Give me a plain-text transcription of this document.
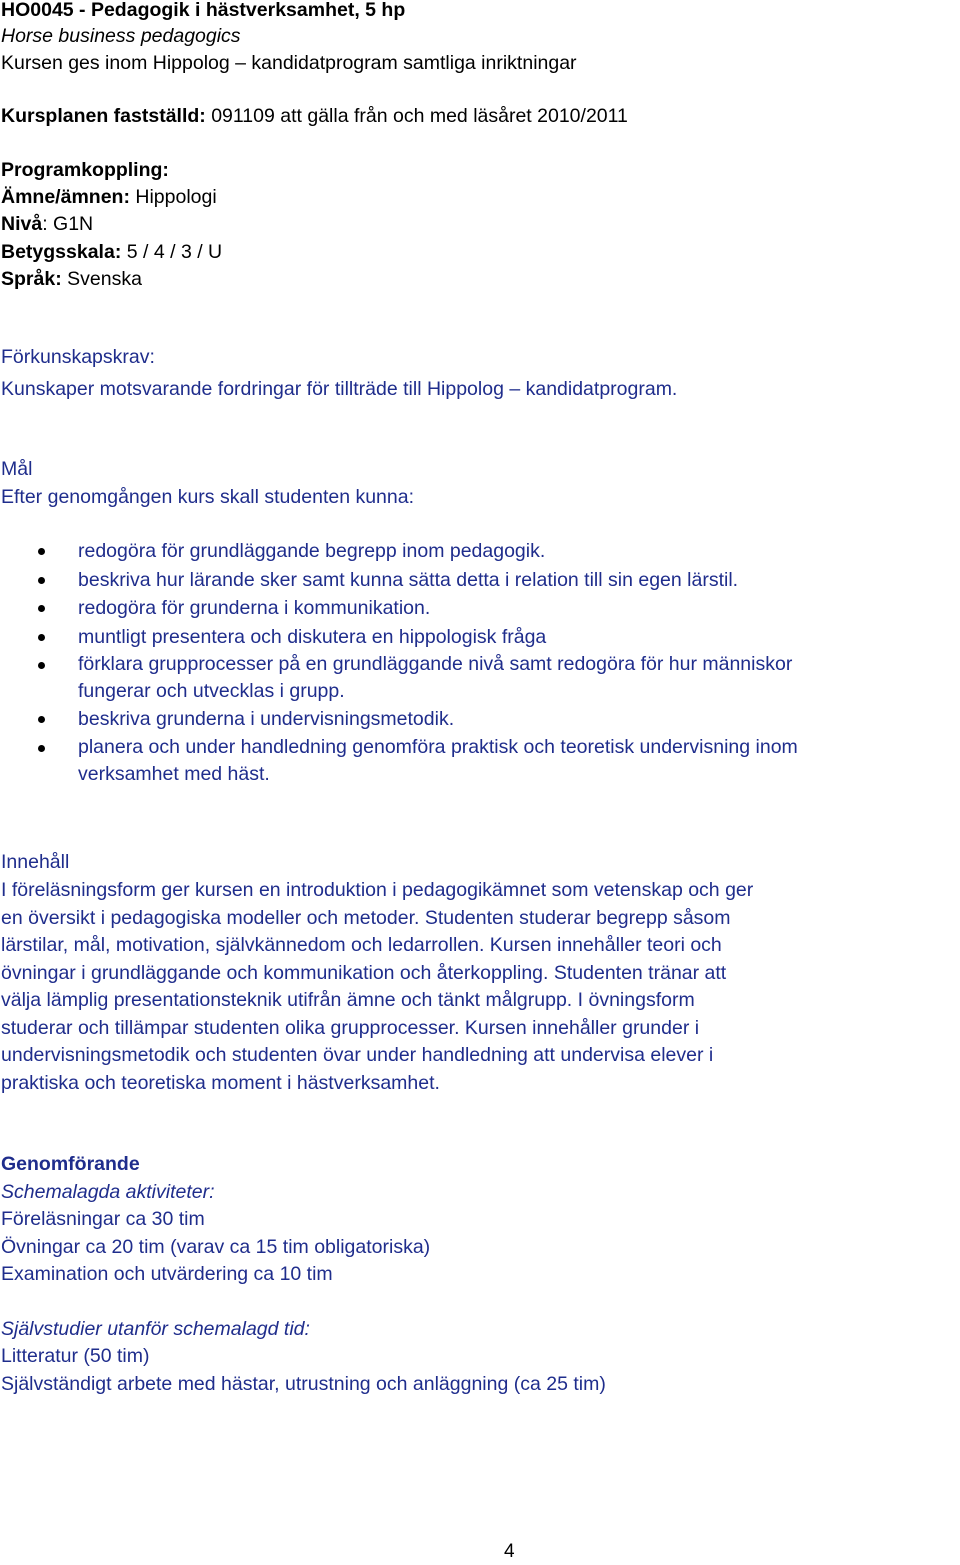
HO0045 - Pedagogik i hästverksamhet, 5 hp

Horse business pedagogics

Kursen ges inom Hippolog – kandidatprogram samtliga inriktningar

Kursplanen fastställd: 091109 att gälla från och med läsåret 2010/2011

Programkoppling:

Ämne/ämnen: Hippologi

Nivå: G1N

Betygsskala: 5 / 4 / 3 / U

Språk: Svenska

Förkunskapskrav:

Kunskaper motsvarande fordringar för tillträde till Hippolog – kandidatprogram.

Mål

Efter genomgången kurs skall studenten kunna:

redogöra för grundläggande begrepp inom pedagogik.
beskriva hur lärande sker samt kunna sätta detta i relation till sin egen lärstil.
redogöra för grunderna i kommunikation.
muntligt presentera och diskutera en hippologisk fråga
förklara grupprocesser på en grundläggande nivå samt redogöra för hur människor
fungerar och utvecklas i grupp.
beskriva grunderna i undervisningsmetodik.
planera och under handledning genomföra praktisk och teoretisk undervisning inom
verksamhet med häst.

Innehåll

I föreläsningsform ger kursen en introduktion i pedagogikämnet som vetenskap och ger
en översikt i pedagogiska modeller och metoder. Studenten studerar begrepp såsom
lärstilar, mål, motivation, självkännedom och ledarrollen. Kursen innehåller teori och
övningar i grundläggande och kommunikation och återkoppling. Studenten tränar att
välja lämplig presentationsteknik utifrån ämne och tänkt målgrupp. I övningsform
studerar och tillämpar studenten olika grupprocesser. Kursen innehåller grunder i
undervisningsmetodik och studenten övar under handledning att undervisa elever i
praktiska och teoretiska moment i hästverksamhet.

Genomförande

Schemalagda aktiviteter:

Föreläsningar ca 30 tim

Övningar ca 20 tim (varav ca 15 tim obligatoriska)

Examination och utvärdering ca 10 tim

Självstudier utanför schemalagd tid:

Litteratur (50 tim)

Självständigt arbete med hästar, utrustning och anläggning (ca 25 tim)

4
